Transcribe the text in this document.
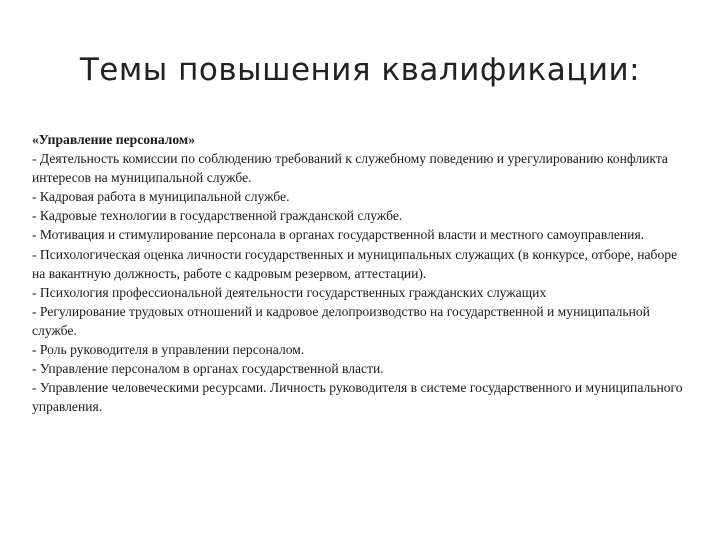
Темы повышения квалификации:
«Управление персоналом»
- Деятельность комиссии по соблюдению требований к служебному поведению и урегулированию конфликта интересов на муниципальной службе.
- Кадровая работа в муниципальной службе.
- Кадровые технологии в государственной гражданской службе.
- Мотивация и стимулирование персонала в органах государственной власти и местного самоуправления.
- Психологическая оценка личности государственных и муниципальных служащих (в конкурсе, отборе, наборе на вакантную должность, работе с кадровым резервом, аттестации).
- Психология профессиональной деятельности государственных гражданских служащих
- Регулирование трудовых отношений и кадровое делопроизводство на государственной и муниципальной службе.
- Роль руководителя в управлении персоналом.
- Управление персоналом в органах государственной власти.
- Управление человеческими ресурсами. Личность руководителя в системе государственного и муниципального управления.
